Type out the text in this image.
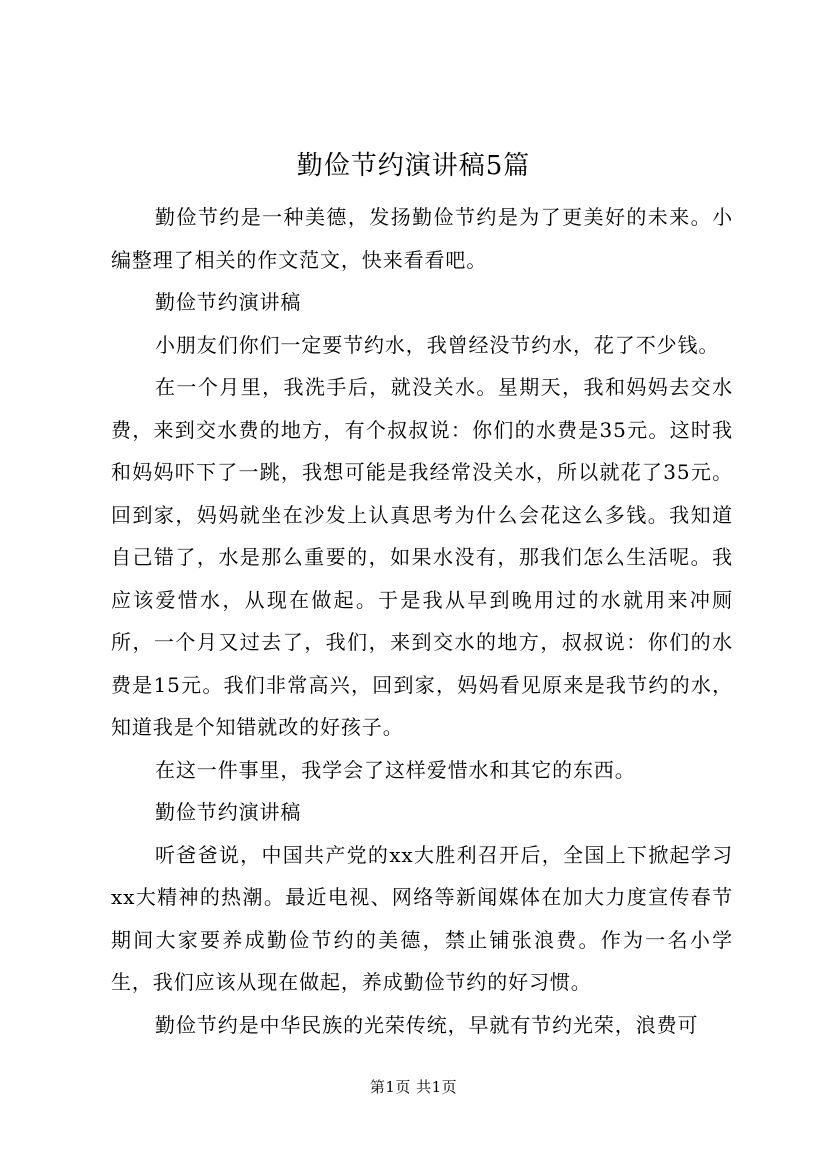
勤俭节约演讲稿5篇

勤俭节约是一种美德，发扬勤俭节约是为了更美好的未来。小编整理了相关的作文范文，快来看看吧。

勤俭节约演讲稿

小朋友们你们一定要节约水，我曾经没节约水，花了不少钱。

在一个月里，我洗手后，就没关水。星期天，我和妈妈去交水费，来到交水费的地方，有个叔叔说：你们的水费是35元。这时我和妈妈吓下了一跳，我想可能是我经常没关水，所以就花了35元。回到家，妈妈就坐在沙发上认真思考为什么会花这么多钱。我知道自己错了，水是那么重要的，如果水没有，那我们怎么生活呢。我应该爱惜水，从现在做起。于是我从早到晚用过的水就用来冲厕所，一个月又过去了，我们，来到交水的地方，叔叔说：你们的水费是15元。我们非常高兴，回到家，妈妈看见原来是我节约的水，知道我是个知错就改的好孩子。

在这一件事里，我学会了这样爱惜水和其它的东西。

勤俭节约演讲稿

听爸爸说，中国共产党的xx大胜利召开后，全国上下掀起学习xx大精神的热潮。最近电视、网络等新闻媒体在加大力度宣传春节期间大家要养成勤俭节约的美德，禁止铺张浪费。作为一名小学生，我们应该从现在做起，养成勤俭节约的好习惯。

勤俭节约是中华民族的光荣传统，早就有节约光荣，浪费可

第1页 共1页
